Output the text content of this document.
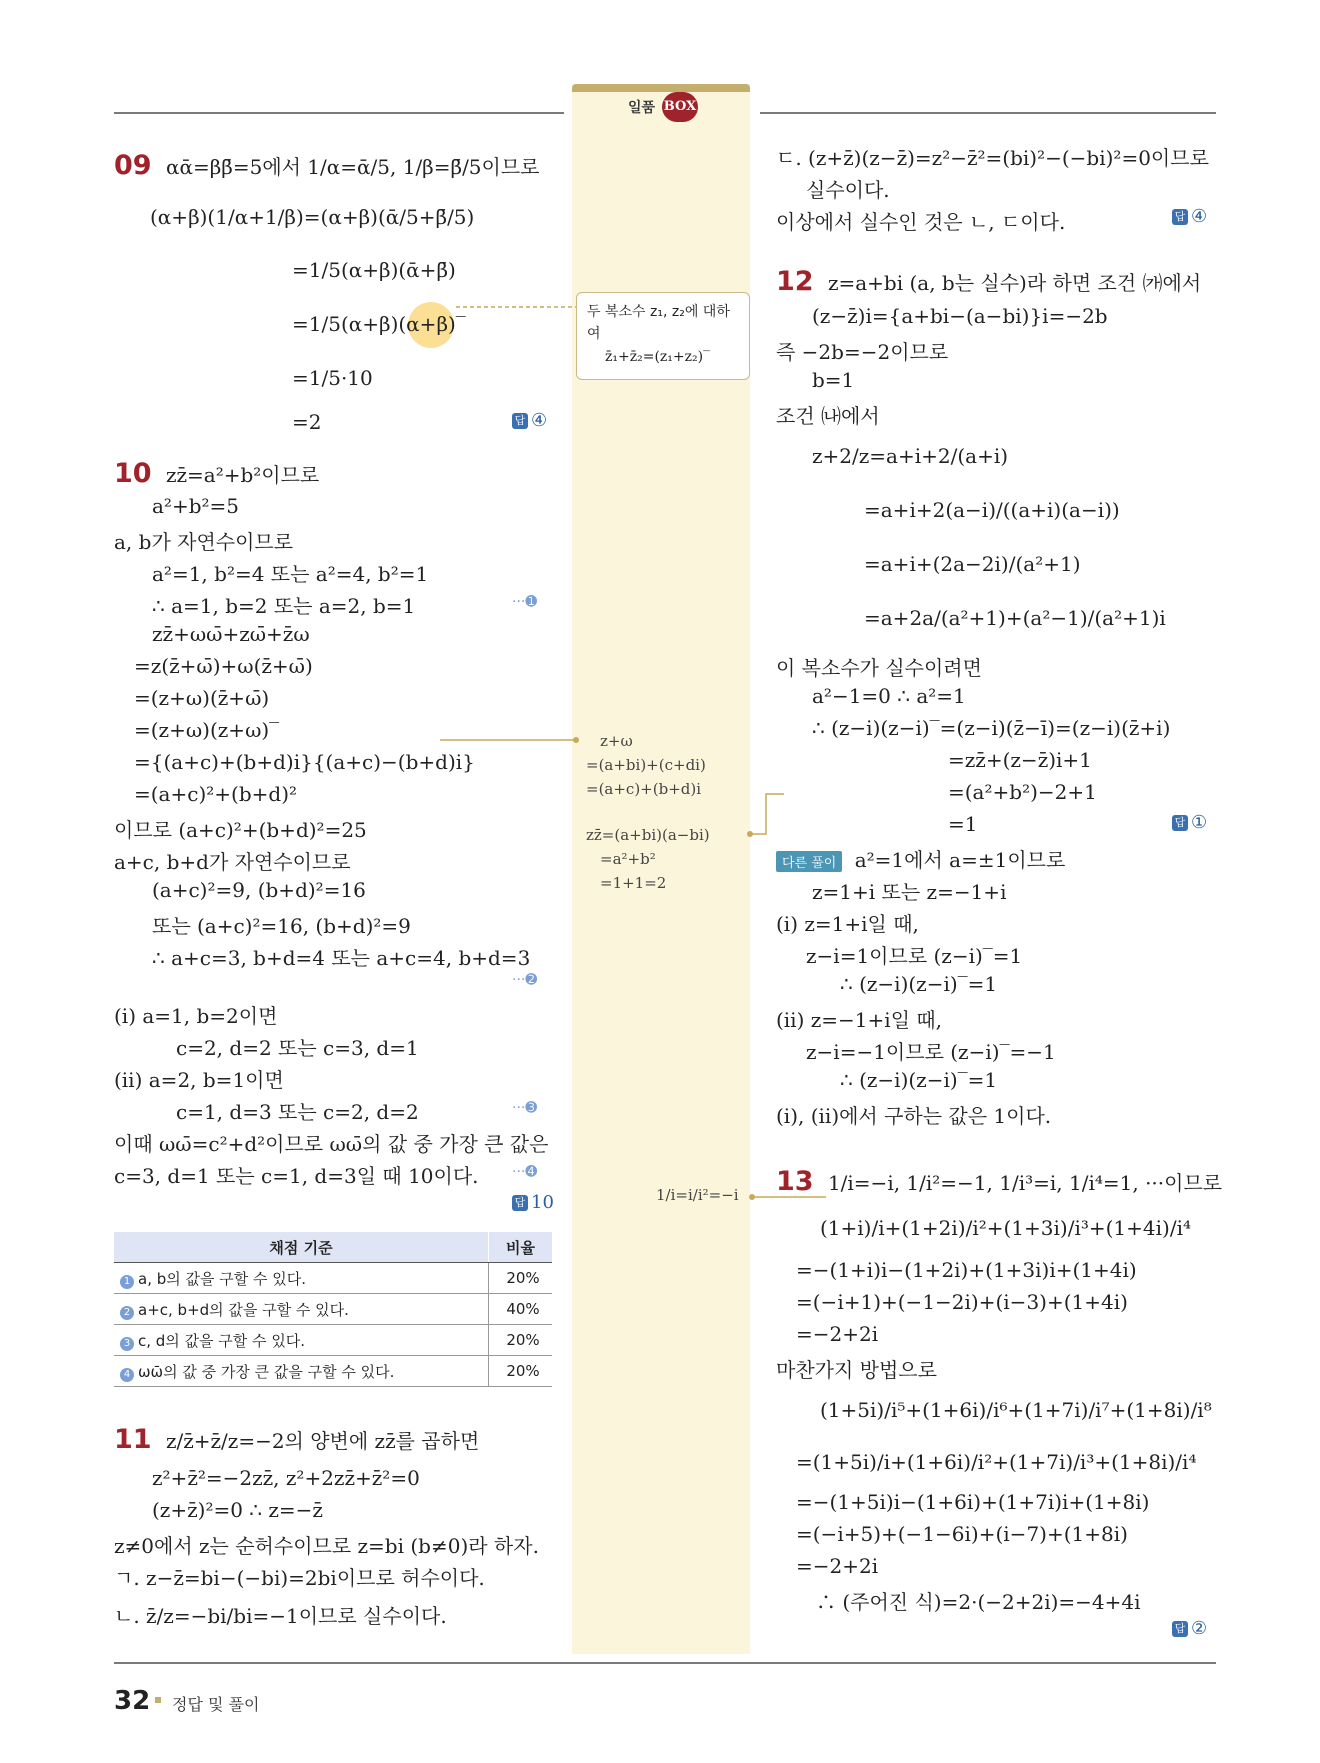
일품 BOX
09 αᾱ=ββ̄=5에서 1/α=ᾱ/5, 1/β=β̄/5이므로
(α+β)(1/α+1/β)=(α+β)(ᾱ/5+β̄/5)
=1/5(α+β)(ᾱ+β̄)
=1/5(α+β)(α+β)‾
=1/5·10
=2	답 ④
두 복소수 z₁, z₂에 대하
여
z̄₁+z̄₂=(z₁+z₂)‾
10 zz̄=a²+b²이므로
a²+b²=5
a, b가 자연수이므로
a²=1, b²=4 또는 a²=4, b²=1
∴ a=1, b=2 또는 a=2, b=1	···➊
zz̄+ωω̄+zω̄+z̄ω
=z(z̄+ω̄)+ω(z̄+ω̄)
=(z+ω)(z̄+ω̄)
=(z+ω)(z+ω)‾
={(a+c)+(b+d)i}{(a+c)−(b+d)i}
=(a+c)²+(b+d)²
이므로 (a+c)²+(b+d)²=25
a+c, b+d가 자연수이므로
(a+c)²=9, (b+d)²=16
또는 (a+c)²=16, (b+d)²=9
∴ a+c=3, b+d=4 또는 a+c=4, b+d=3
···➋
(ⅰ) a=1, b=2이면
c=2, d=2 또는 c=3, d=1
(ⅱ) a=2, b=1이면
c=1, d=3 또는 c=2, d=2	···➌
이때 ωω̄=c²+d²이므로 ωω̄의 값 중 가장 큰 값은
c=3, d=1 또는 c=1, d=3일 때 10이다. ···➍
답 10
z+ω
=(a+bi)+(c+di)
=(a+c)+(b+d)i
zz̄=(a+bi)(a−bi)
=a²+b²
=1+1=2
채점 기준	비율
1 a, b의 값을 구할 수 있다.	20%
2 a+c, b+d의 값을 구할 수 있다.	40%
3 c, d의 값을 구할 수 있다.	20%
4 ωω̄의 값 중 가장 큰 값을 구할 수 있다.	20%
11 z/z̄+z̄/z=−2의 양변에 zz̄를 곱하면
z²+z̄²=−2zz̄, z²+2zz̄+z̄²=0
(z+z̄)²=0 ∴ z=−z̄
z≠0에서 z는 순허수이므로 z=bi (b≠0)라 하자.
ㄱ. z−z̄=bi−(−bi)=2bi이므로 허수이다.
ㄴ. z̄/z=−bi/bi=−1이므로 실수이다.
ㄷ. (z+z̄)(z−z̄)=z²−z̄²=(bi)²−(−bi)²=0이므로
실수이다.
이상에서 실수인 것은 ㄴ, ㄷ이다.	답 ④
12 z=a+bi (a, b는 실수)라 하면 조건 ㈎에서
(z−z̄)i={a+bi−(a−bi)}i=−2b
즉 −2b=−2이므로
b=1
조건 ㈏에서
z+2/z=a+i+2/(a+i)
=a+i+2(a−i)/((a+i)(a−i))
=a+i+(2a−2i)/(a²+1)
=a+2a/(a²+1)+(a²−1)/(a²+1)i
이 복소수가 실수이려면
a²−1=0 ∴ a²=1
∴ (z−i)(z−i)‾=(z−i)(z̄−ī)=(z−i)(z̄+i)
=zz̄+(z−z̄)i+1
=(a²+b²)−2+1
=1	답 ①
다른 풀이 a²=1에서 a=±1이므로
z=1+i 또는 z=−1+i
(ⅰ) z=1+i일 때,
z−i=1이므로 (z−i)‾=1
∴ (z−i)(z−i)‾=1
(ⅱ) z=−1+i일 때,
z−i=−1이므로 (z−i)‾=−1
∴ (z−i)(z−i)‾=1
(ⅰ), (ⅱ)에서 구하는 값은 1이다.
13 1/i=−i, 1/i²=−1, 1/i³=i, 1/i⁴=1, ···이므로
1/i=i/i²=−i
(1+i)/i+(1+2i)/i²+(1+3i)/i³+(1+4i)/i⁴
=−(1+i)i−(1+2i)+(1+3i)i+(1+4i)
=(−i+1)+(−1−2i)+(i−3)+(1+4i)
=−2+2i
마찬가지 방법으로
(1+5i)/i⁵+(1+6i)/i⁶+(1+7i)/i⁷+(1+8i)/i⁸
=(1+5i)/i+(1+6i)/i²+(1+7i)/i³+(1+8i)/i⁴
=−(1+5i)i−(1+6i)+(1+7i)i+(1+8i)
=(−i+5)+(−1−6i)+(i−7)+(1+8i)
=−2+2i
∴ (주어진 식)=2·(−2+2i)=−4+4i
답 ②
32 정답 및 풀이
